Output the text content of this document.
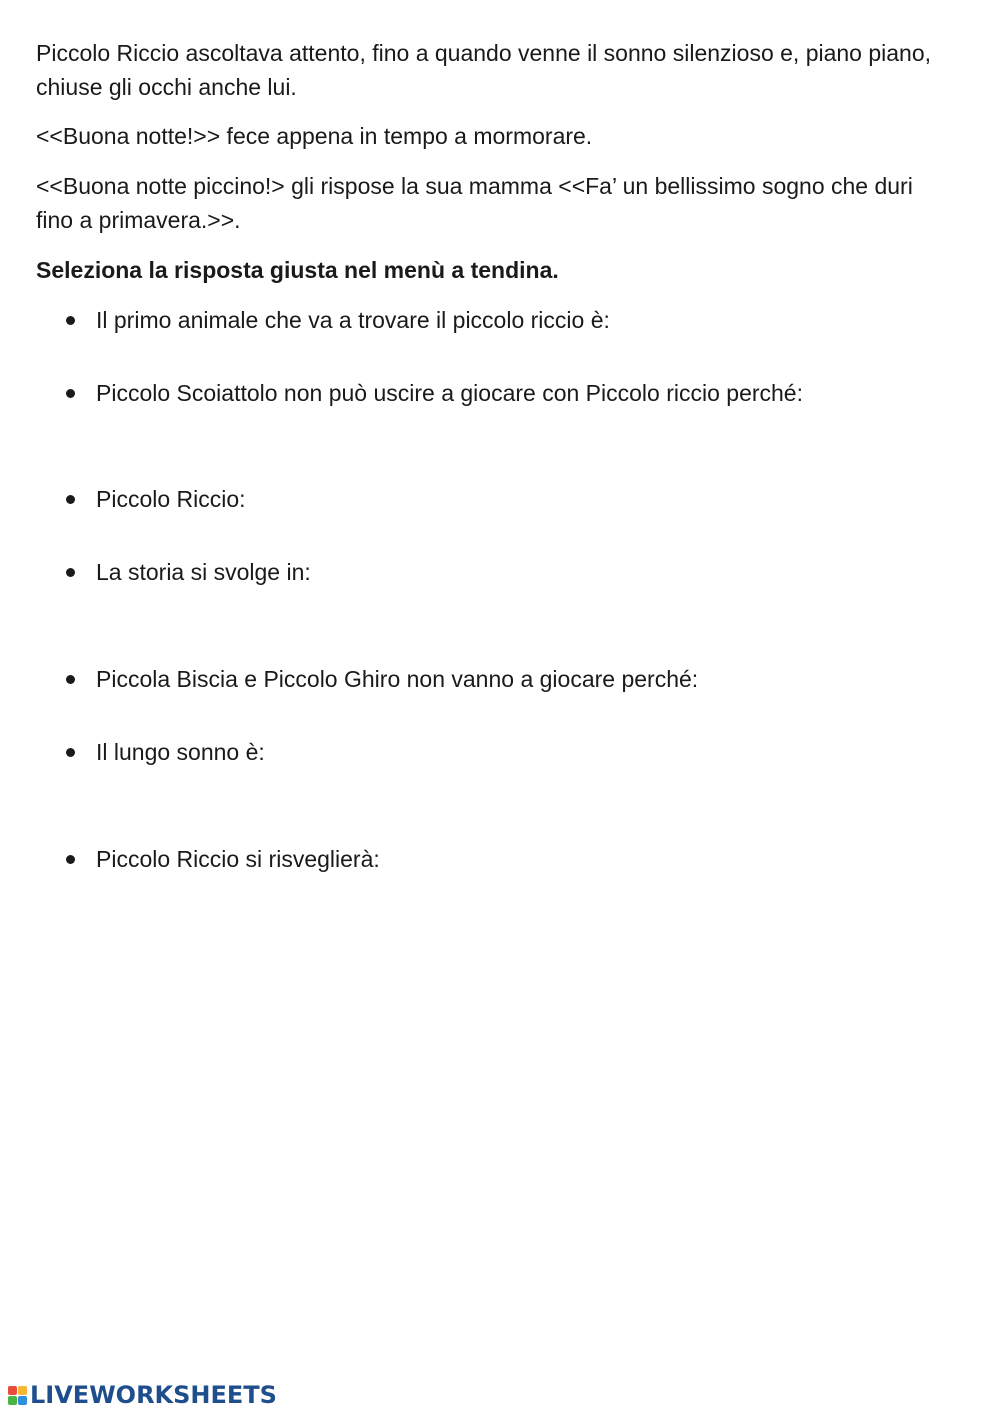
Piccolo Riccio ascoltava attento, fino a quando venne il sonno silenzioso e, piano piano, chiuse gli occhi anche lui.

<<Buona notte!>> fece appena in tempo a mormorare.

<<Buona notte piccino!> gli rispose la sua mamma <<Fa’ un bellissimo sogno che duri fino a primavera.>>.

Seleziona la risposta giusta nel menù a tendina.

Il primo animale che va a trovare il piccolo riccio è:
Piccolo Scoiattolo non può uscire a giocare con Piccolo riccio perché:
Piccolo Riccio:
La storia si svolge in:
Piccola Biscia e Piccolo Ghiro non vanno a giocare perché:
Il lungo sonno è:
Piccolo Riccio si risveglierà:
LIVEWORKSHEETS
